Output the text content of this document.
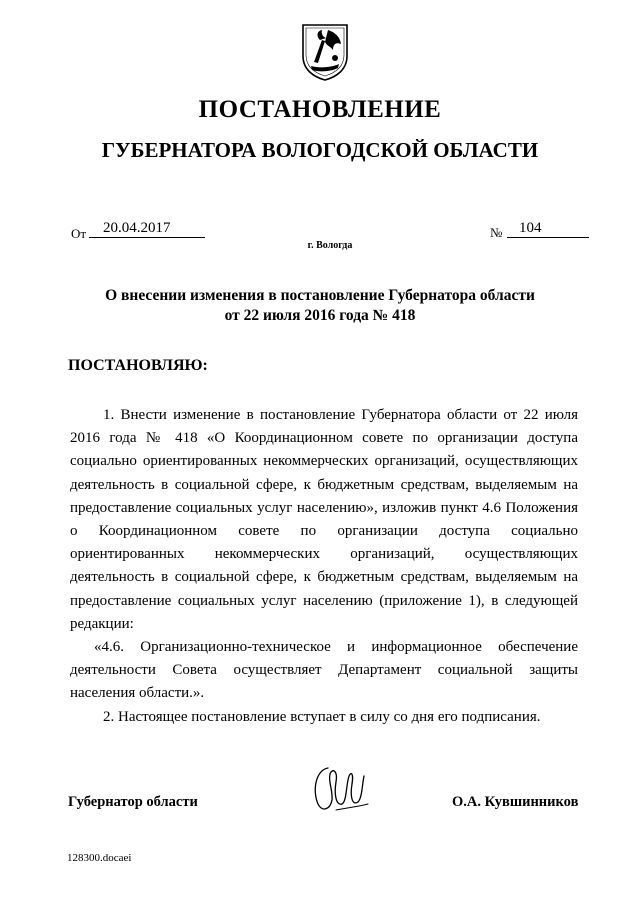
ПОСТАНОВЛЕНИЕ
ГУБЕРНАТОРА ВОЛОГОДСКОЙ ОБЛАСТИ
От	20.04.2017	№	104
г. Вологда
О внесении изменения в постановление Губернатора области
от 22 июля 2016 года № 418
ПОСТАНОВЛЯЮ:

1. Внести изменение в постановление Губернатора области от 22 июля 2016 года № 418 «О Координационном совете по организации доступа социально ориентированных некоммерческих организаций, осуществляющих деятельность в социальной сфере, к бюджетным средствам, выделяемым на предоставление социальных услуг населению», изложив пункт 4.6 Положения о Координационном совете по организации доступа социально ориентированных некоммерческих организаций, осуществляющих деятельность в социальной сфере, к бюджетным средствам, выделяемым на предоставление социальных услуг населению (приложение 1), в следующей редакции:

«4.6. Организационно-техническое и информационное обеспечение деятельности Совета осуществляет Департамент социальной защиты населения области.».

2. Настоящее постановление вступает в силу со дня его подписания.

Губернатор области	О.А. Кувшинников
128300.docaei
